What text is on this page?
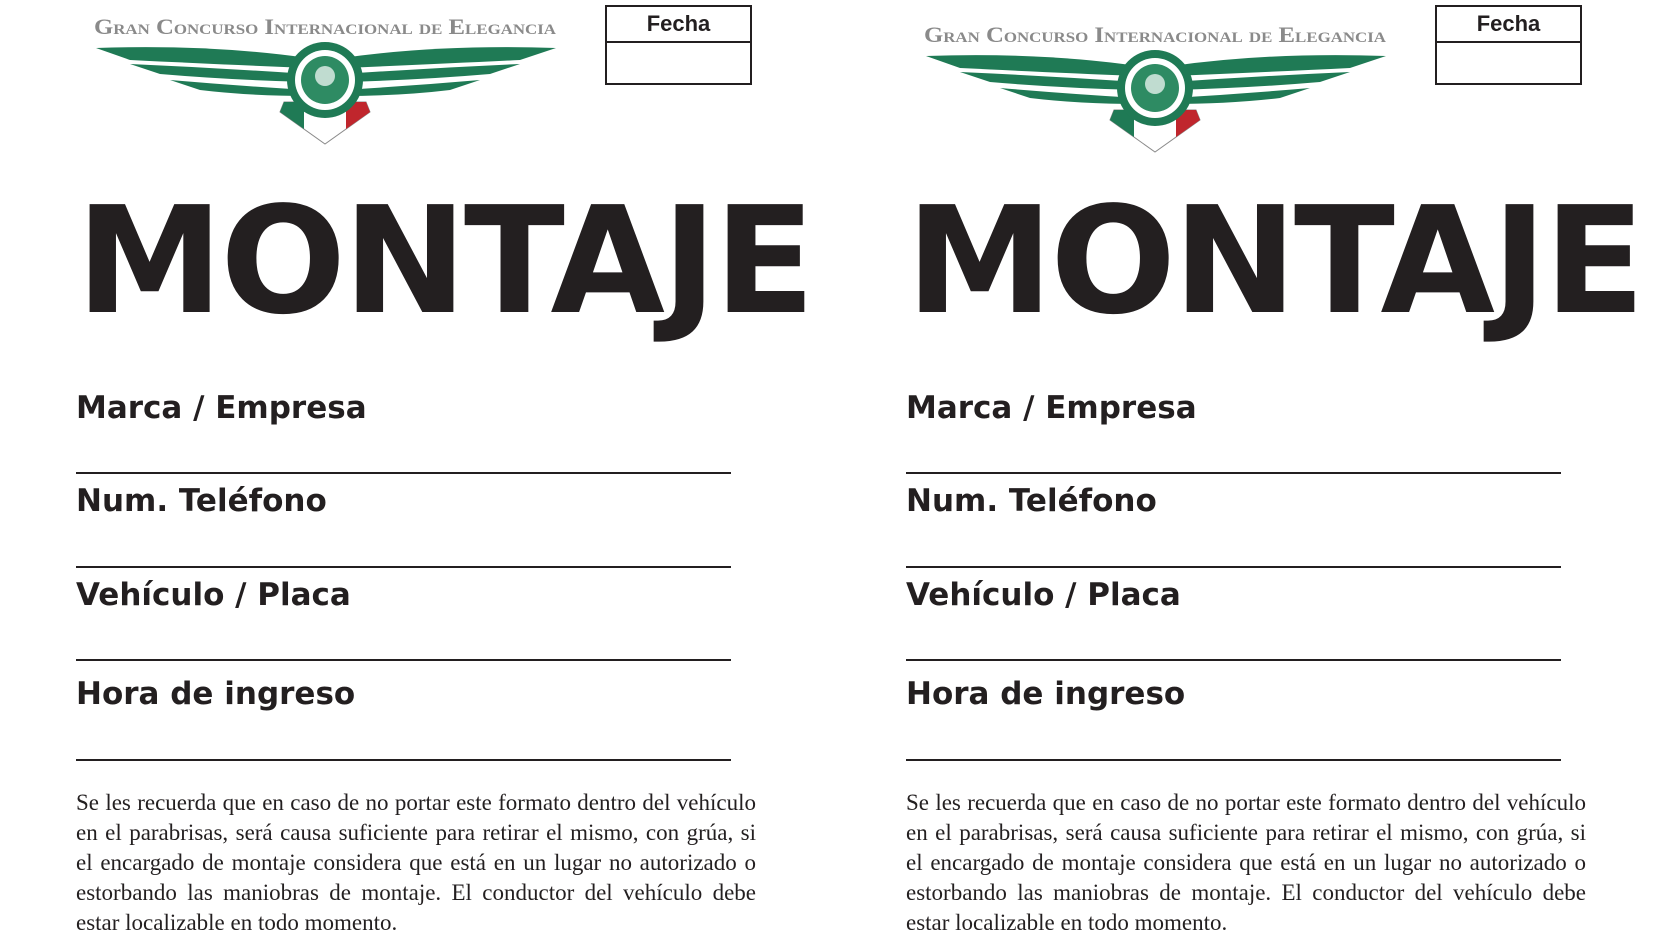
Gran Concurso Internacional de Elegancia	Fecha
MONTAJE
Marca / Empresa
Num. Teléfono
Vehículo / Placa
Hora de ingreso
Se les recuerda que en caso de no portar este formato dentro del vehículo en el parabrisas, será causa suficiente para retirar el mismo, con grúa, si el encargado de montaje considera que está en un lugar no autorizado o estorbando las maniobras de montaje. El conductor del vehículo debe estar localizable en todo momento.
Gran Concurso Internacional de Elegancia	Fecha
MONTAJE
Marca / Empresa
Num. Teléfono
Vehículo / Placa
Hora de ingreso
Se les recuerda que en caso de no portar este formato dentro del vehículo en el parabrisas, será causa suficiente para retirar el mismo, con grúa, si el encargado de montaje considera que está en un lugar no autorizado o estorbando las maniobras de montaje. El conductor del vehículo debe estar localizable en todo momento.
